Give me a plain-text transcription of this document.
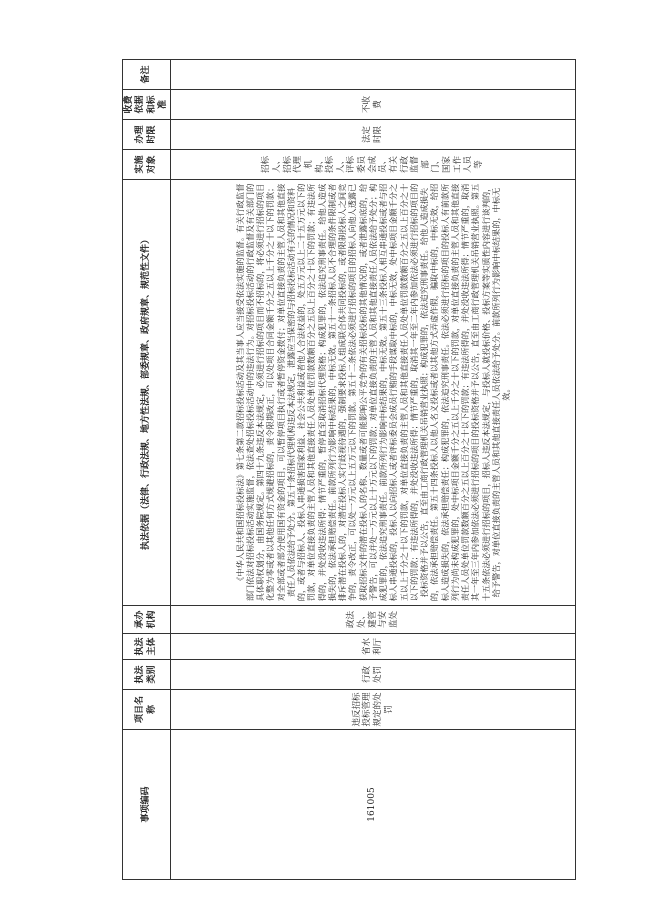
事项编码	项目名称	执法类别	执法主体	承办机构	执法依据（法律、行政法规、地方性法规、部委规章、政府规章、规范性文件）	实施对象	办理时限	收费依据和标准	备注
161005	违反招标投标管理规定的处罚	行政处罚	省水利厅	政法处、建管与安监处	《中华人民共和国招标投标法》第七条第二款招标投标活动及其当事人应当接受依法实施的监督。有关行政监督部门依法对招标投标活动实施监督，依法查处招标投标活动中的违法行为。对招标投标活动的行政监督及有关部门的具体职权划分，由国务院规定。第四十九条违反本法规定，必须进行招标的项目而不招标的，将必须进行招标的项目化整为零或者以其他任何方式规避招标的，责令限期改正，可以处项目合同金额千分之五以上千分之十以下的罚款；对全部或者部分使用国有资金的项目，可以暂停项目执行或者暂停资金拨付；对单位直接负责的主管人员和其他直接责任人员依法给予处分。第五十条招标代理机构违反本法规定，泄露应当保密的与招标投标活动有关的情况和资料的，或者与招标人、投标人串通损害国家利益、社会公共利益或者他人合法权益的，处五万元以上二十五万元以下的罚款，对单位直接负责的主管人员和其他直接责任人员处单位罚款数额百分之五以上百分之十以下的罚款；有违法所得的，并处没收违法所得；情节严重的，暂停直至取消招标代理资格；构成犯罪的，依法追究刑事责任。给他人造成损失的，依法承担赔偿责任。前款所列行为影响中标结果的，中标无效。第五十一条招标人以不合理的条件限制或者排斥潜在投标人的，对潜在投标人实行歧视待遇的，强制要求投标人组成联合体共同投标的，或者限制投标人之间竞争的，责令改正，可以处一万元以上五万元以下的罚款。第五十二条依法必须进行招标的项目的招标人向他人透露已获取招标文件的潜在投标人的名称、数量或者可能影响公平竞争的有关招标投标的其他情况的，或者泄露标底的，给予警告，可以并处一万元以上十万元以下的罚款；对单位直接负责的主管人员和其他直接责任人员依法给予处分；构成犯罪的，依法追究刑事责任。前款所列行为影响中标结果的，中标无效。第五十三条投标人相互串通投标或者与招标人串通投标的，投标人以向招标人或者评标委员会成员行贿的手段谋取中标的，中标无效，处中标项目金额千分之五以上千分之十以下的罚款，对单位直接负责的主管人员和其他直接责任人员处单位罚款数额百分之五以上百分之十以下的罚款；有违法所得的，并处没收违法所得；情节严重的，取消其一年至二年内参加依法必须进行招标的项目的投标资格并予以公告，直至由工商行政管理机关吊销营业执照；构成犯罪的，依法追究刑事责任。给他人造成损失的，依法承担赔偿责任。第五十四条投标人以他人名义投标或者以其他方式弄虚作假，骗取中标的，中标无效，给招标人造成损失的，依法承担赔偿责任；构成犯罪的，依法追究刑事责任。依法必须进行招标的项目的投标人有前款所列行为尚未构成犯罪的，处中标项目金额千分之五以上千分之十以下的罚款，对单位直接负责的主管人员和其他直接责任人员处单位罚款数额百分之五以上百分之十以下的罚款；有违法所得的，并处没收违法所得；情节严重的，取消其一年至三年内参加依法必须进行招标的项目的投标资格并予以公告，直至由工商行政管理机关吊销营业执照。第五十五条依法必须进行招标的项目，招标人违反本法规定，与投标人就投标价格、投标方案等实质性内容进行谈判的，给予警告，对单位直接负责的主管人员和其他直接责任人员依法给予处分。前款所列行为影响中标结果的，中标无效。	招标人、招标代理机构、投标人、评标委员会成员、有关行政监督部门、国家工作人员等	法定时限	不收费	
